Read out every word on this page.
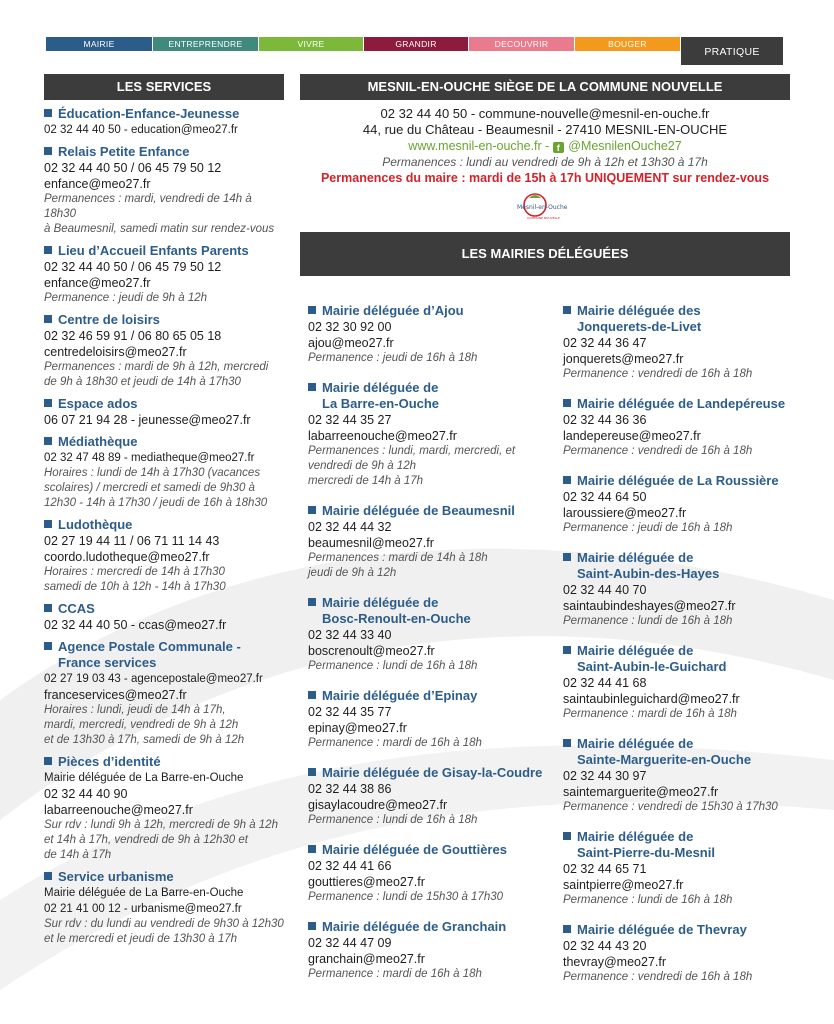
MAIRIE	ENTREPRENDRE	VIVRE	GRANDIR	DECOUVRIR	BOUGER
PRATIQUE
LES SERVICES
Éducation-Enfance-Jeunesse
02 32 44 40 50 - education@meo27.fr
Relais Petite Enfance
02 32 44 40 50 / 06 45 79 50 12
enfance@meo27.fr
Permanences : mardi, vendredi de 14h à 18h30
à Beaumesnil, samedi matin sur rendez-vous
Lieu d’Accueil Enfants Parents
02 32 44 40 50 / 06 45 79 50 12
enfance@meo27.fr
Permanence : jeudi de 9h à 12h
Centre de loisirs
02 32 46 59 91 / 06 80 65 05 18
centredeloisirs@meo27.fr
Permanences : mardi de 9h à 12h, mercredi
de 9h à 18h30 et jeudi de 14h à 17h30
Espace ados
06 07 21 94 28 - jeunesse@meo27.fr
Médiathèque
02 32 47 48 89 - mediatheque@meo27.fr
Horaires : lundi de 14h à 17h30 (vacances
scolaires) / mercredi et samedi de 9h30 à
12h30 - 14h à 17h30 / jeudi de 16h à 18h30
Ludothèque
02 27 19 44 11 / 06 71 11 14 43
coordo.ludotheque@meo27.fr
Horaires : mercredi de 14h à 17h30
samedi de 10h à 12h - 14h à 17h30
CCAS
02 32 44 40 50 - ccas@meo27.fr
Agence Postale Communale -
France services
02 27 19 03 43 - agencepostale@meo27.fr
franceservices@meo27.fr
Horaires : lundi, jeudi de 14h à 17h,
mardi, mercredi, vendredi de 9h à 12h
et de 13h30 à 17h, samedi de 9h à 12h
Pièces d’identité
Mairie déléguée de La Barre-en-Ouche
02 32 44 40 90
labarreenouche@meo27.fr
Sur rdv : lundi 9h à 12h, mercredi de 9h à 12h
et 14h à 17h, vendredi de 9h à 12h30 et
de 14h à 17h
Service urbanisme
Mairie déléguée de La Barre-en-Ouche
02 21 41 00 12 - urbanisme@meo27.fr
Sur rdv : du lundi au vendredi de 9h30 à 12h30
et le mercredi et jeudi de 13h30 à 17h
MESNIL-EN-OUCHE SIÈGE DE LA COMMUNE NOUVELLE
02 32 44 40 50 - commune-nouvelle@mesnil-en-ouche.fr
44, rue du Château - Beaumesnil - 27410 MESNIL-EN-OUCHE
www.mesnil-en-ouche.fr - f @MesnilenOuche27
Permanences : lundi au vendredi de 9h à 12h et 13h30 à 17h
Permanences du maire : mardi de 15h à 17h UNIQUEMENT sur rendez-vous
Mesnil-en-Ouche
COMMUNE NOUVELLE
LES MAIRIES DÉLÉGUÉES
Mairie déléguée d’Ajou
02 32 30 92 00
ajou@meo27.fr
Permanence : jeudi de 16h à 18h
Mairie déléguée de
La Barre-en-Ouche
02 32 44 35 27
labarreenouche@meo27.fr
Permanences : lundi, mardi, mercredi, et
vendredi de 9h à 12h
mercredi de 14h à 17h
Mairie déléguée de Beaumesnil
02 32 44 44 32
beaumesnil@meo27.fr
Permanences : mardi de 14h à 18h
jeudi de 9h à 12h
Mairie déléguée de
Bosc-Renoult-en-Ouche
02 32 44 33 40
boscrenoult@meo27.fr
Permanence : lundi de 16h à 18h
Mairie déléguée d’Epinay
02 32 44 35 77
epinay@meo27.fr
Permanence : mardi de 16h à 18h
Mairie déléguée de Gisay-la-Coudre
02 32 44 38 86
gisaylacoudre@meo27.fr
Permanence : lundi de 16h à 18h
Mairie déléguée de Gouttières
02 32 44 41 66
gouttieres@meo27.fr
Permanence : lundi de 15h30 à 17h30
Mairie déléguée de Granchain
02 32 44 47 09
granchain@meo27.fr
Permanence : mardi de 16h à 18h
Mairie déléguée des
Jonquerets-de-Livet
02 32 44 36 47
jonquerets@meo27.fr
Permanence : vendredi de 16h à 18h
Mairie déléguée de Landepéreuse
02 32 44 36 36
landepereuse@meo27.fr
Permanence : vendredi de 16h à 18h
Mairie déléguée de La Roussière
02 32 44 64 50
laroussiere@meo27.fr
Permanence : jeudi de 16h à 18h
Mairie déléguée de
Saint-Aubin-des-Hayes
02 32 44 40 70
saintaubindeshayes@meo27.fr
Permanence : lundi de 16h à 18h
Mairie déléguée de
Saint-Aubin-le-Guichard
02 32 44 41 68
saintaubinleguichard@meo27.fr
Permanence : mardi de 16h à 18h
Mairie déléguée de
Sainte-Marguerite-en-Ouche
02 32 44 30 97
saintemarguerite@meo27.fr
Permanence : vendredi de 15h30 à 17h30
Mairie déléguée de
Saint-Pierre-du-Mesnil
02 32 44 65 71
saintpierre@meo27.fr
Permanence : lundi de 16h à 18h
Mairie déléguée de Thevray
02 32 44 43 20
thevray@meo27.fr
Permanence : vendredi de 16h à 18h
